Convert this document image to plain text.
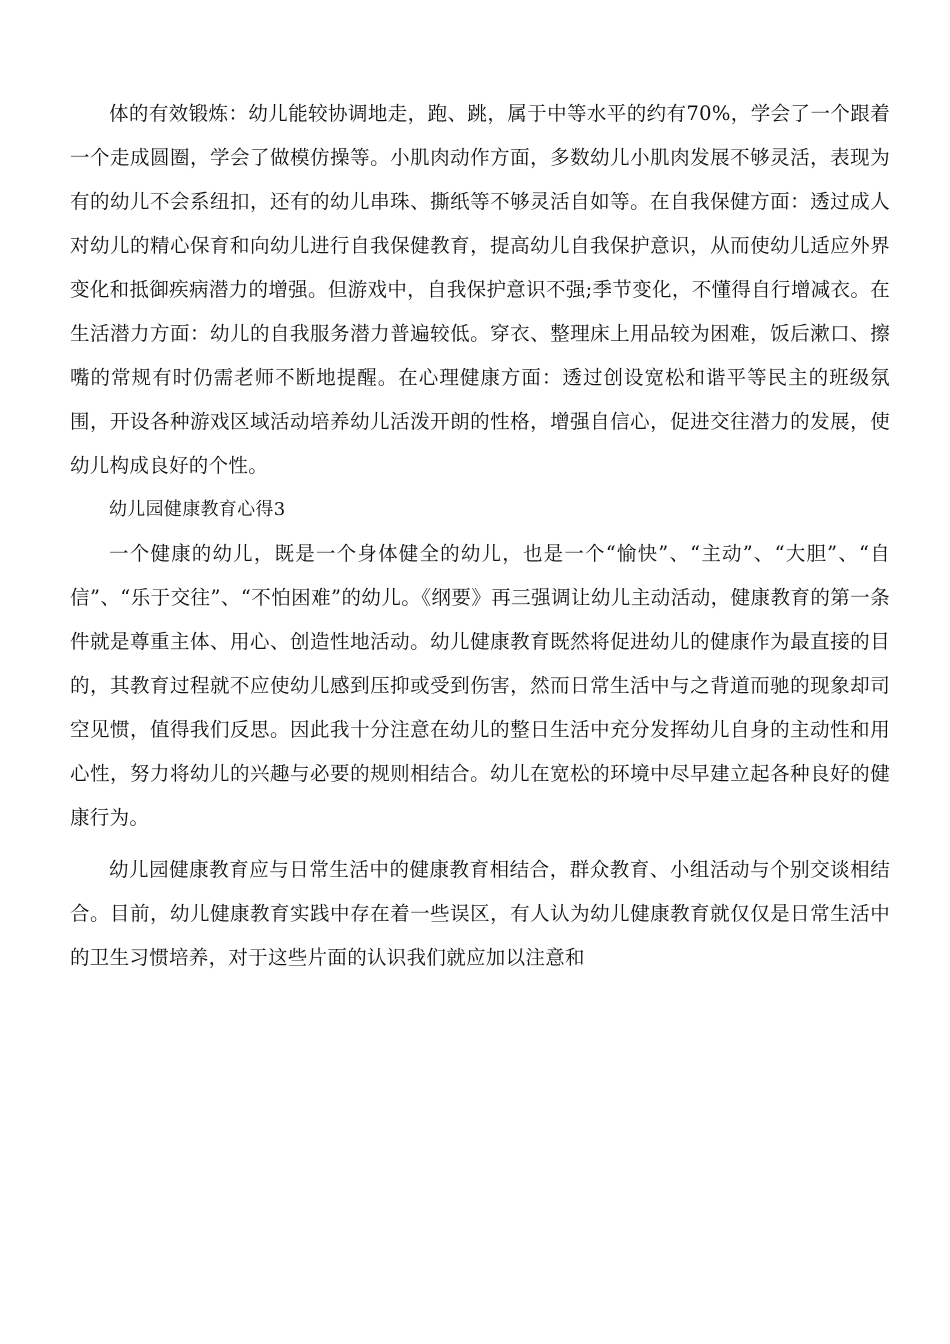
体的有效锻炼：幼儿能较协调地走，跑、跳，属于中等水平的约有70%，学会了一个跟着一个走成圆圈，学会了做模仿操等。小肌肉动作方面，多数幼儿小肌肉发展不够灵活，表现为有的幼儿不会系纽扣，还有的幼儿串珠、撕纸等不够灵活自如等。在自我保健方面：透过成人对幼儿的精心保育和向幼儿进行自我保健教育，提高幼儿自我保护意识，从而使幼儿适应外界变化和抵御疾病潜力的增强。但游戏中，自我保护意识不强;季节变化，不懂得自行增减衣。在生活潜力方面：幼儿的自我服务潜力普遍较低。穿衣、整理床上用品较为困难，饭后漱口、擦嘴的常规有时仍需老师不断地提醒。在心理健康方面：透过创设宽松和谐平等民主的班级氛围，开设各种游戏区域活动培养幼儿活泼开朗的性格，增强自信心，促进交往潜力的发展，使幼儿构成良好的个性。

幼儿园健康教育心得3

一个健康的幼儿，既是一个身体健全的幼儿，也是一个“愉快”、“主动”、“大胆”、“自信”、“乐于交往”、“不怕困难”的幼儿。《纲要》再三强调让幼儿主动活动，健康教育的第一条件就是尊重主体、用心、创造性地活动。幼儿健康教育既然将促进幼儿的健康作为最直接的目的，其教育过程就不应使幼儿感到压抑或受到伤害，然而日常生活中与之背道而驰的现象却司空见惯，值得我们反思。因此我十分注意在幼儿的整日生活中充分发挥幼儿自身的主动性和用心性，努力将幼儿的兴趣与必要的规则相结合。幼儿在宽松的环境中尽早建立起各种良好的健康行为。

幼儿园健康教育应与日常生活中的健康教育相结合，群众教育、小组活动与个别交谈相结合。目前，幼儿健康教育实践中存在着一些误区，有人认为幼儿健康教育就仅仅是日常生活中的卫生习惯培养，对于这些片面的认识我们就应加以注意和
